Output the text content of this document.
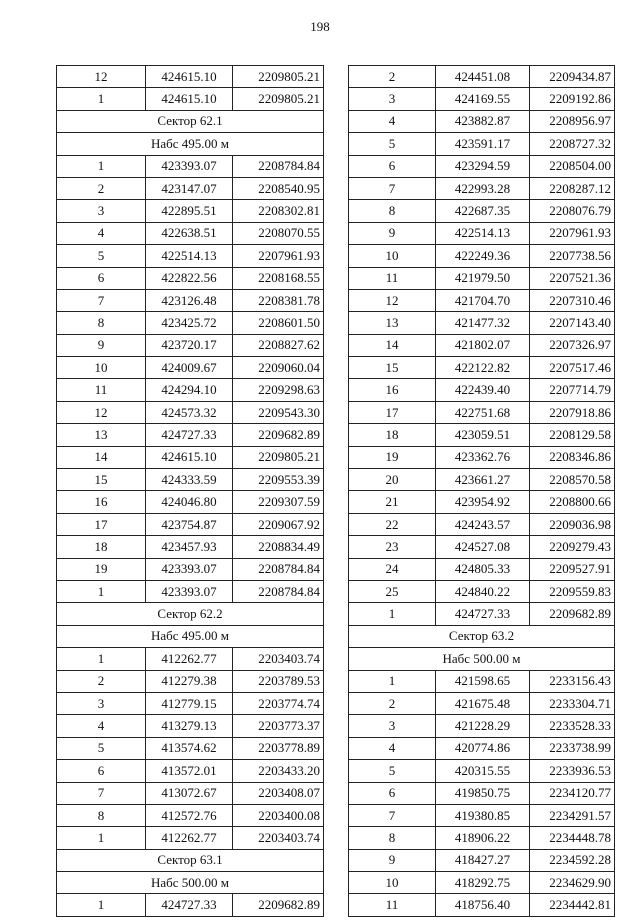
198
12	424615.10	2209805.21
1	424615.10	2209805.21
Сектор 62.1		
Набс 495.00 м		
1	423393.07	2208784.84
2	423147.07	2208540.95
3	422895.51	2208302.81
4	422638.51	2208070.55
5	422514.13	2207961.93
6	422822.56	2208168.55
7	423126.48	2208381.78
8	423425.72	2208601.50
9	423720.17	2208827.62
10	424009.67	2209060.04
11	424294.10	2209298.63
12	424573.32	2209543.30
13	424727.33	2209682.89
14	424615.10	2209805.21
15	424333.59	2209553.39
16	424046.80	2209307.59
17	423754.87	2209067.92
18	423457.93	2208834.49
19	423393.07	2208784.84
1	423393.07	2208784.84
Сектор 62.2		
Набс 495.00 м		
1	412262.77	2203403.74
2	412279.38	2203789.53
3	412779.15	2203774.74
4	413279.13	2203773.37
5	413574.62	2203778.89
6	413572.01	2203433.20
7	413072.67	2203408.07
8	412572.76	2203400.08
1	412262.77	2203403.74
Сектор 63.1		
Набс 500.00 м		
1	424727.33	2209682.89
2	424451.08	2209434.87
3	424169.55	2209192.86
4	423882.87	2208956.97
5	423591.17	2208727.32
6	423294.59	2208504.00
7	422993.28	2208287.12
8	422687.35	2208076.79
9	422514.13	2207961.93
10	422249.36	2207738.56
11	421979.50	2207521.36
12	421704.70	2207310.46
13	421477.32	2207143.40
14	421802.07	2207326.97
15	422122.82	2207517.46
16	422439.40	2207714.79
17	422751.68	2207918.86
18	423059.51	2208129.58
19	423362.76	2208346.86
20	423661.27	2208570.58
21	423954.92	2208800.66
22	424243.57	2209036.98
23	424527.08	2209279.43
24	424805.33	2209527.91
25	424840.22	2209559.83
1	424727.33	2209682.89
Сектор 63.2		
Набс 500.00 м		
1	421598.65	2233156.43
2	421675.48	2233304.71
3	421228.29	2233528.33
4	420774.86	2233738.99
5	420315.55	2233936.53
6	419850.75	2234120.77
7	419380.85	2234291.57
8	418906.22	2234448.78
9	418427.27	2234592.28
10	418292.75	2234629.90
11	418756.40	2234442.81
